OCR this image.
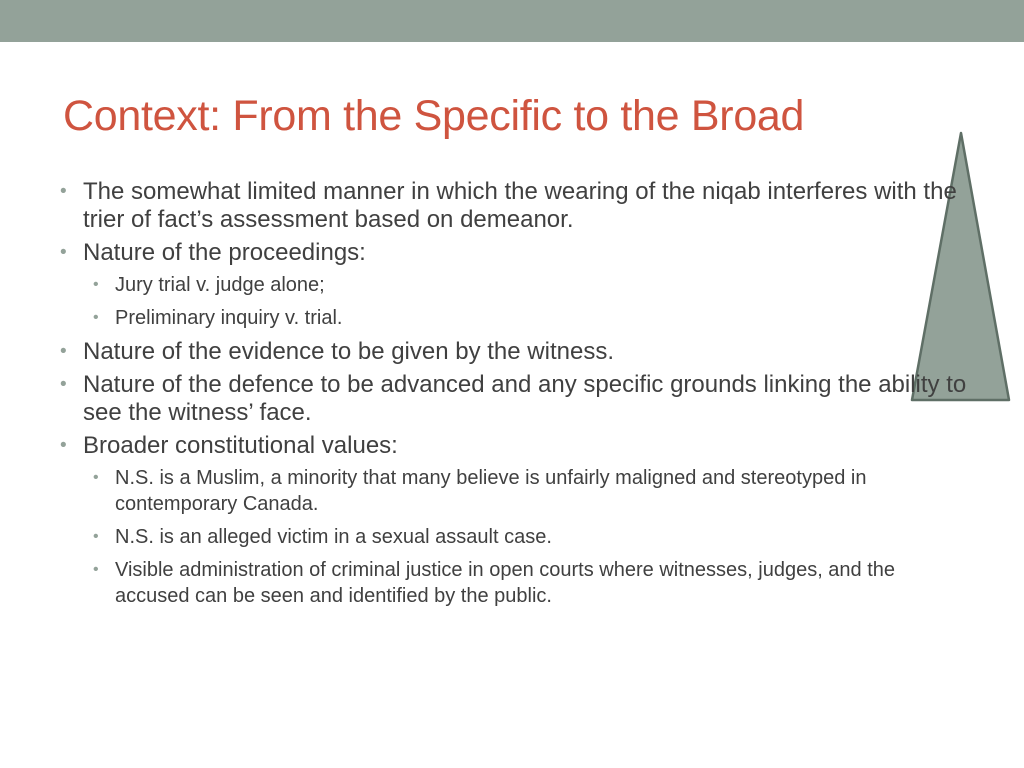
Context: From the Specific to the Broad
• The somewhat limited manner in which the wearing of the niqab interferes with the trier of fact’s assessment based on demeanor.
• Nature of the proceedings:
• Jury trial v. judge alone;
• Preliminary inquiry v. trial.
• Nature of the evidence to be given by the witness.
• Nature of the defence to be advanced and any specific grounds linking the ability to see the witness’ face.
• Broader constitutional values:
• N.S. is a Muslim, a minority that many believe is unfairly maligned and stereotyped in contemporary Canada.
• N.S. is an alleged victim in a sexual assault case.
• Visible administration of criminal justice in open courts where witnesses, judges, and the accused can be seen and identified by the public.
